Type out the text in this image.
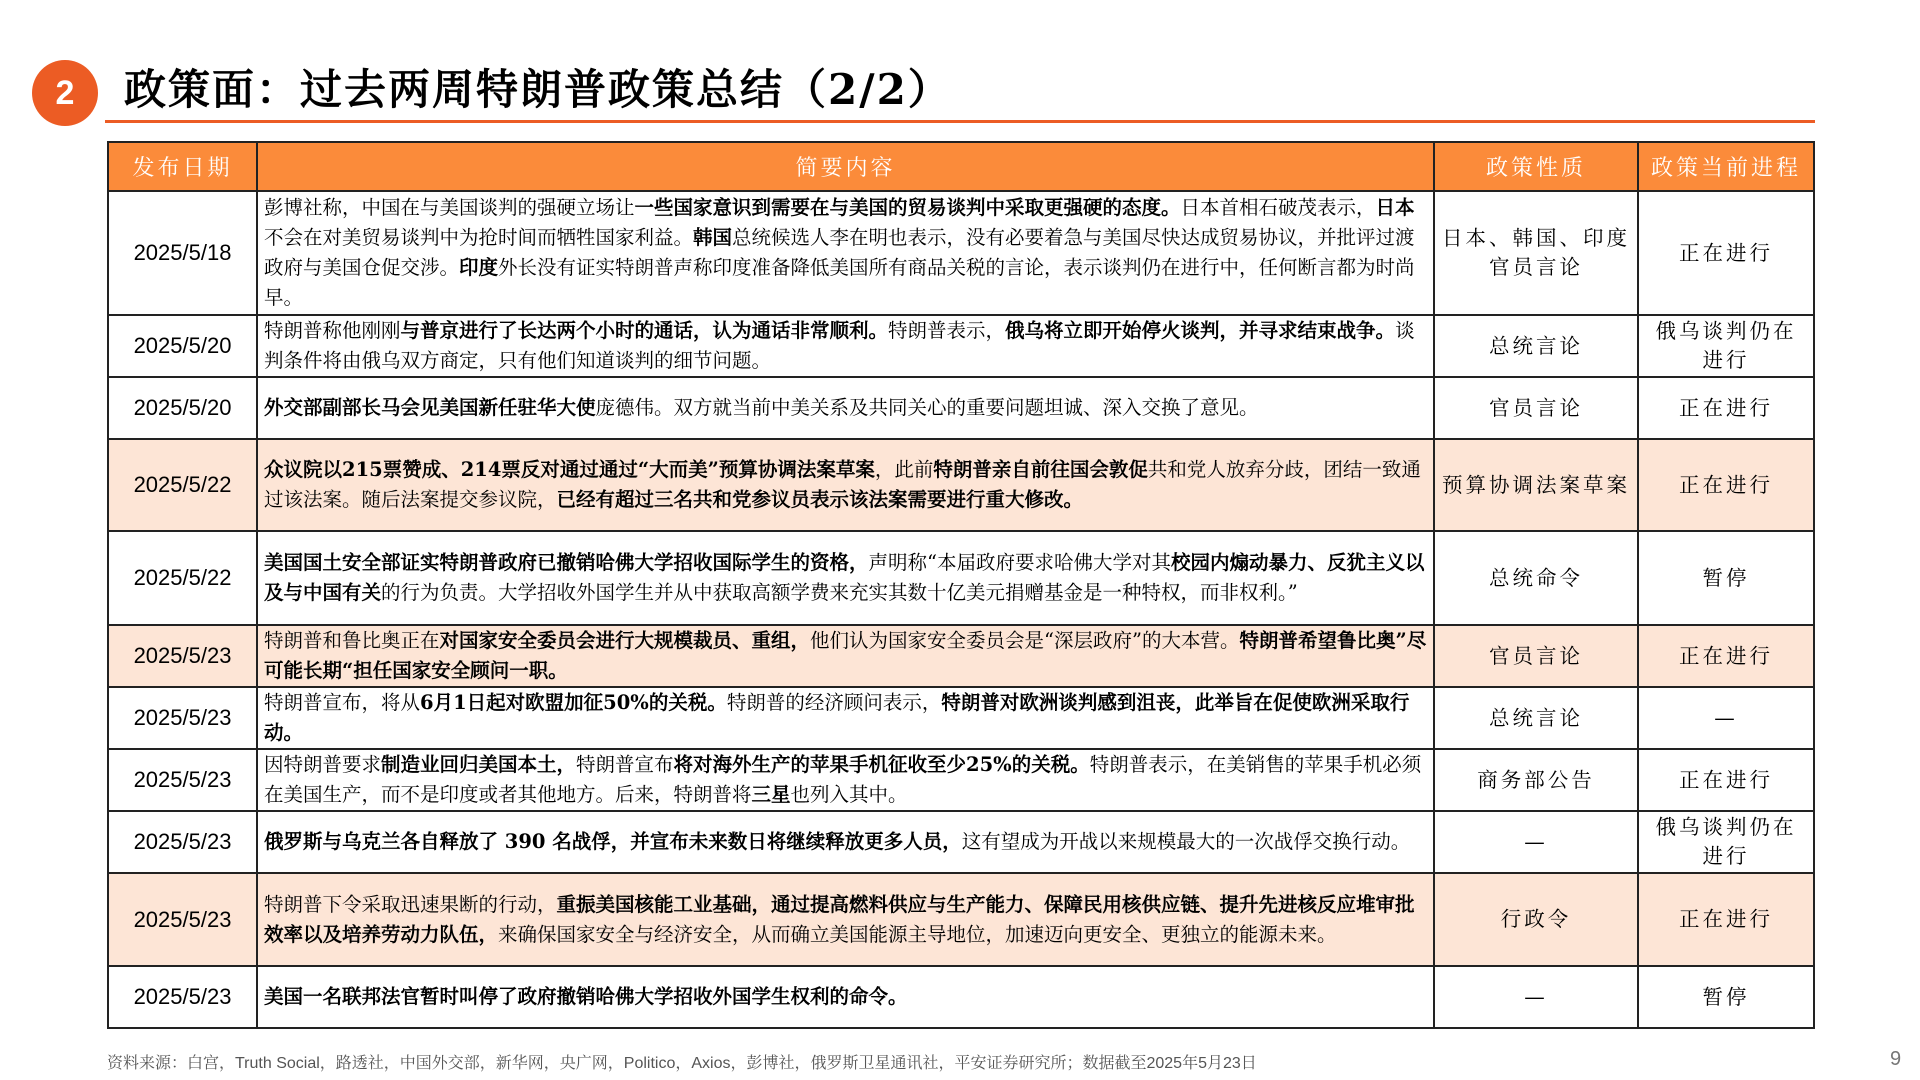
2 政策面：过去两周特朗普政策总结（2/2）
发布日期	简要内容	政策性质	政策当前进程
2025/5/18	彭博社称，中国在与美国谈判的强硬立场让一些国家意识到需要在与美国的贸易谈判中采取更强硬的态度。日本首相石破茂表示，日本不会在对美贸易谈判中为抢时间而牺牲国家利益。韩国总统候选人李在明也表示，没有必要着急与美国尽快达成贸易协议，并批评过渡政府与美国仓促交涉。印度外长没有证实特朗普声称印度准备降低美国所有商品关税的言论，表示谈判仍在进行中，任何断言都为时尚早。	日本、韩国、印度官员言论	正在进行
2025/5/20	特朗普称他刚刚与普京进行了长达两个小时的通话，认为通话非常顺利。特朗普表示，俄乌将立即开始停火谈判，并寻求结束战争。谈判条件将由俄乌双方商定，只有他们知道谈判的细节问题。	总统言论	俄乌谈判仍在进行
2025/5/20	外交部副部长马会见美国新任驻华大使庞德伟。双方就当前中美关系及共同关心的重要问题坦诚、深入交换了意见。	官员言论	正在进行
2025/5/22	众议院以215票赞成、214票反对通过通过“大而美”预算协调法案草案，此前特朗普亲自前往国会敦促共和党人放弃分歧，团结一致通过该法案。随后法案提交参议院，已经有超过三名共和党参议员表示该法案需要进行重大修改。	预算协调法案草案	正在进行
2025/5/22	美国国土安全部证实特朗普政府已撤销哈佛大学招收国际学生的资格，声明称“本届政府要求哈佛大学对其校园内煽动暴力、反犹主义以及与中国有关的行为负责。大学招收外国学生并从中获取高额学费来充实其数十亿美元捐赠基金是一种特权，而非权利。”	总统命令	暂停
2025/5/23	特朗普和鲁比奥正在对国家安全委员会进行大规模裁员、重组，他们认为国家安全委员会是“深层政府”的大本营。特朗普希望鲁比奥”尽可能长期“担任国家安全顾问一职。	官员言论	正在进行
2025/5/23	特朗普宣布，将从6月1日起对欧盟加征50%的关税。特朗普的经济顾问表示，特朗普对欧洲谈判感到沮丧，此举旨在促使欧洲采取行动。	总统言论	—
2025/5/23	因特朗普要求制造业回归美国本土，特朗普宣布将对海外生产的苹果手机征收至少25%的关税。特朗普表示，在美销售的苹果手机必须在美国生产，而不是印度或者其他地方。后来，特朗普将三星也列入其中。	商务部公告	正在进行
2025/5/23	俄罗斯与乌克兰各自释放了 390 名战俘，并宣布未来数日将继续释放更多人员，这有望成为开战以来规模最大的一次战俘交换行动。	—	俄乌谈判仍在进行
2025/5/23	特朗普下令采取迅速果断的行动，重振美国核能工业基础，通过提高燃料供应与生产能力、保障民用核供应链、提升先进核反应堆审批效率以及培养劳动力队伍，来确保国家安全与经济安全，从而确立美国能源主导地位，加速迈向更安全、更独立的能源未来。	行政令	正在进行
2025/5/23	美国一名联邦法官暂时叫停了政府撤销哈佛大学招收外国学生权利的命令。	—	暂停
资料来源：白宫，Truth Social，路透社，中国外交部，新华网，央广网，Politico，Axios，彭博社，俄罗斯卫星通讯社，平安证券研究所；数据截至2025年5月23日	9
